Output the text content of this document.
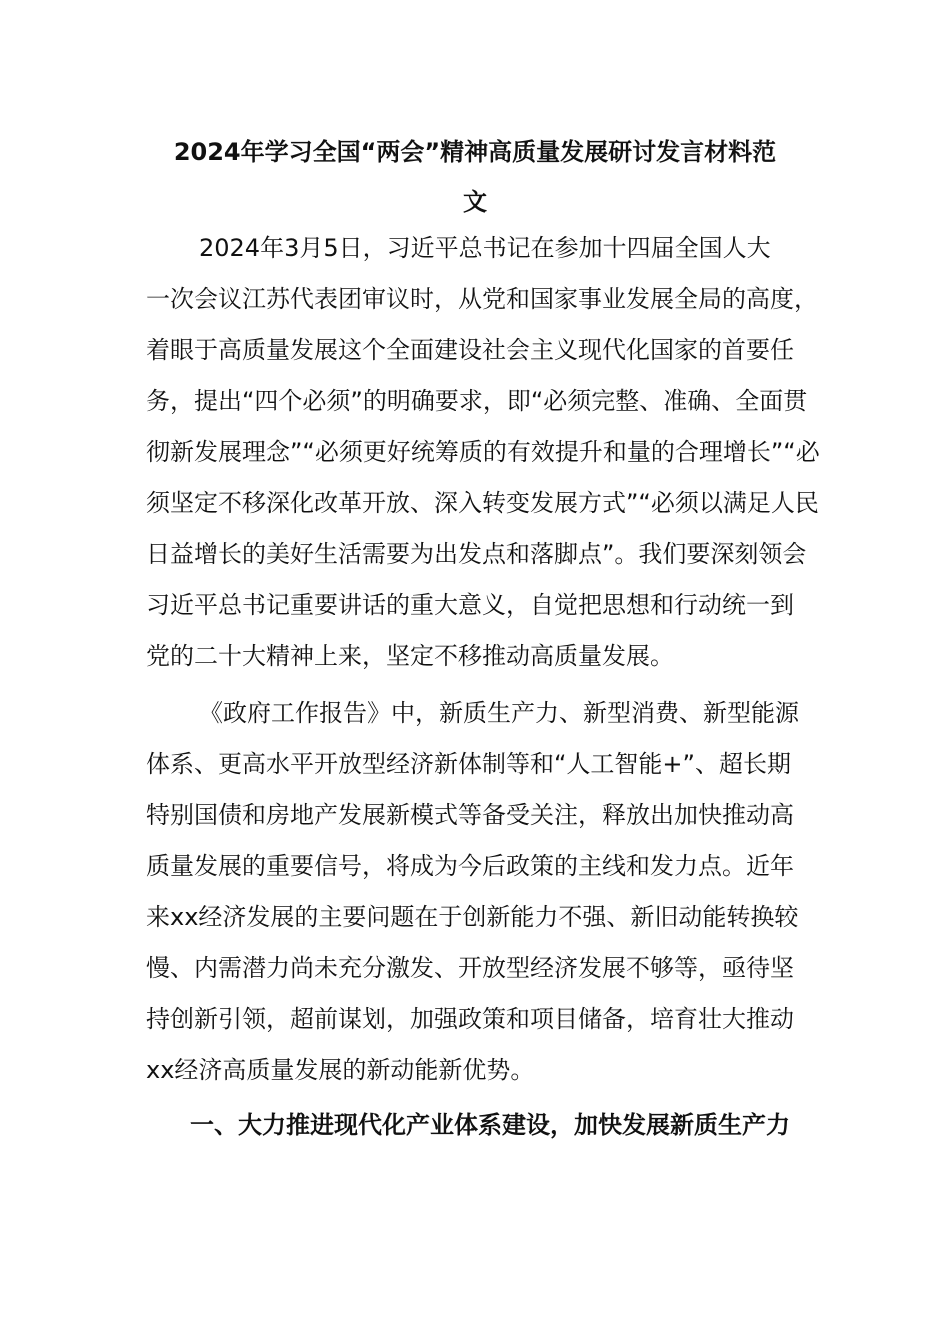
2024年学习全国“两会”精神高质量发展研讨发言材料范
文
2024年3月5日，习近平总书记在参加十四届全国人大
一次会议江苏代表团审议时，从党和国家事业发展全局的高度，
着眼于高质量发展这个全面建设社会主义现代化国家的首要任
务，提出“四个必须”的明确要求，即“必须完整、准确、全面贯
彻新发展理念”“必须更好统筹质的有效提升和量的合理增长”“必
须坚定不移深化改革开放、深入转变发展方式”“必须以满足人民
日益增长的美好生活需要为出发点和落脚点”。我们要深刻领会
习近平总书记重要讲话的重大意义，自觉把思想和行动统一到
党的二十大精神上来，坚定不移推动高质量发展。
《政府工作报告》中，新质生产力、新型消费、新型能源
体系、更高水平开放型经济新体制等和“人工智能+”、超长期
特别国债和房地产发展新模式等备受关注，释放出加快推动高
质量发展的重要信号，将成为今后政策的主线和发力点。近年
来xx经济发展的主要问题在于创新能力不强、新旧动能转换较
慢、内需潜力尚未充分激发、开放型经济发展不够等，亟待坚
持创新引领，超前谋划，加强政策和项目储备，培育壮大推动
xx经济高质量发展的新动能新优势。
一、大力推进现代化产业体系建设，加快发展新质生产力
